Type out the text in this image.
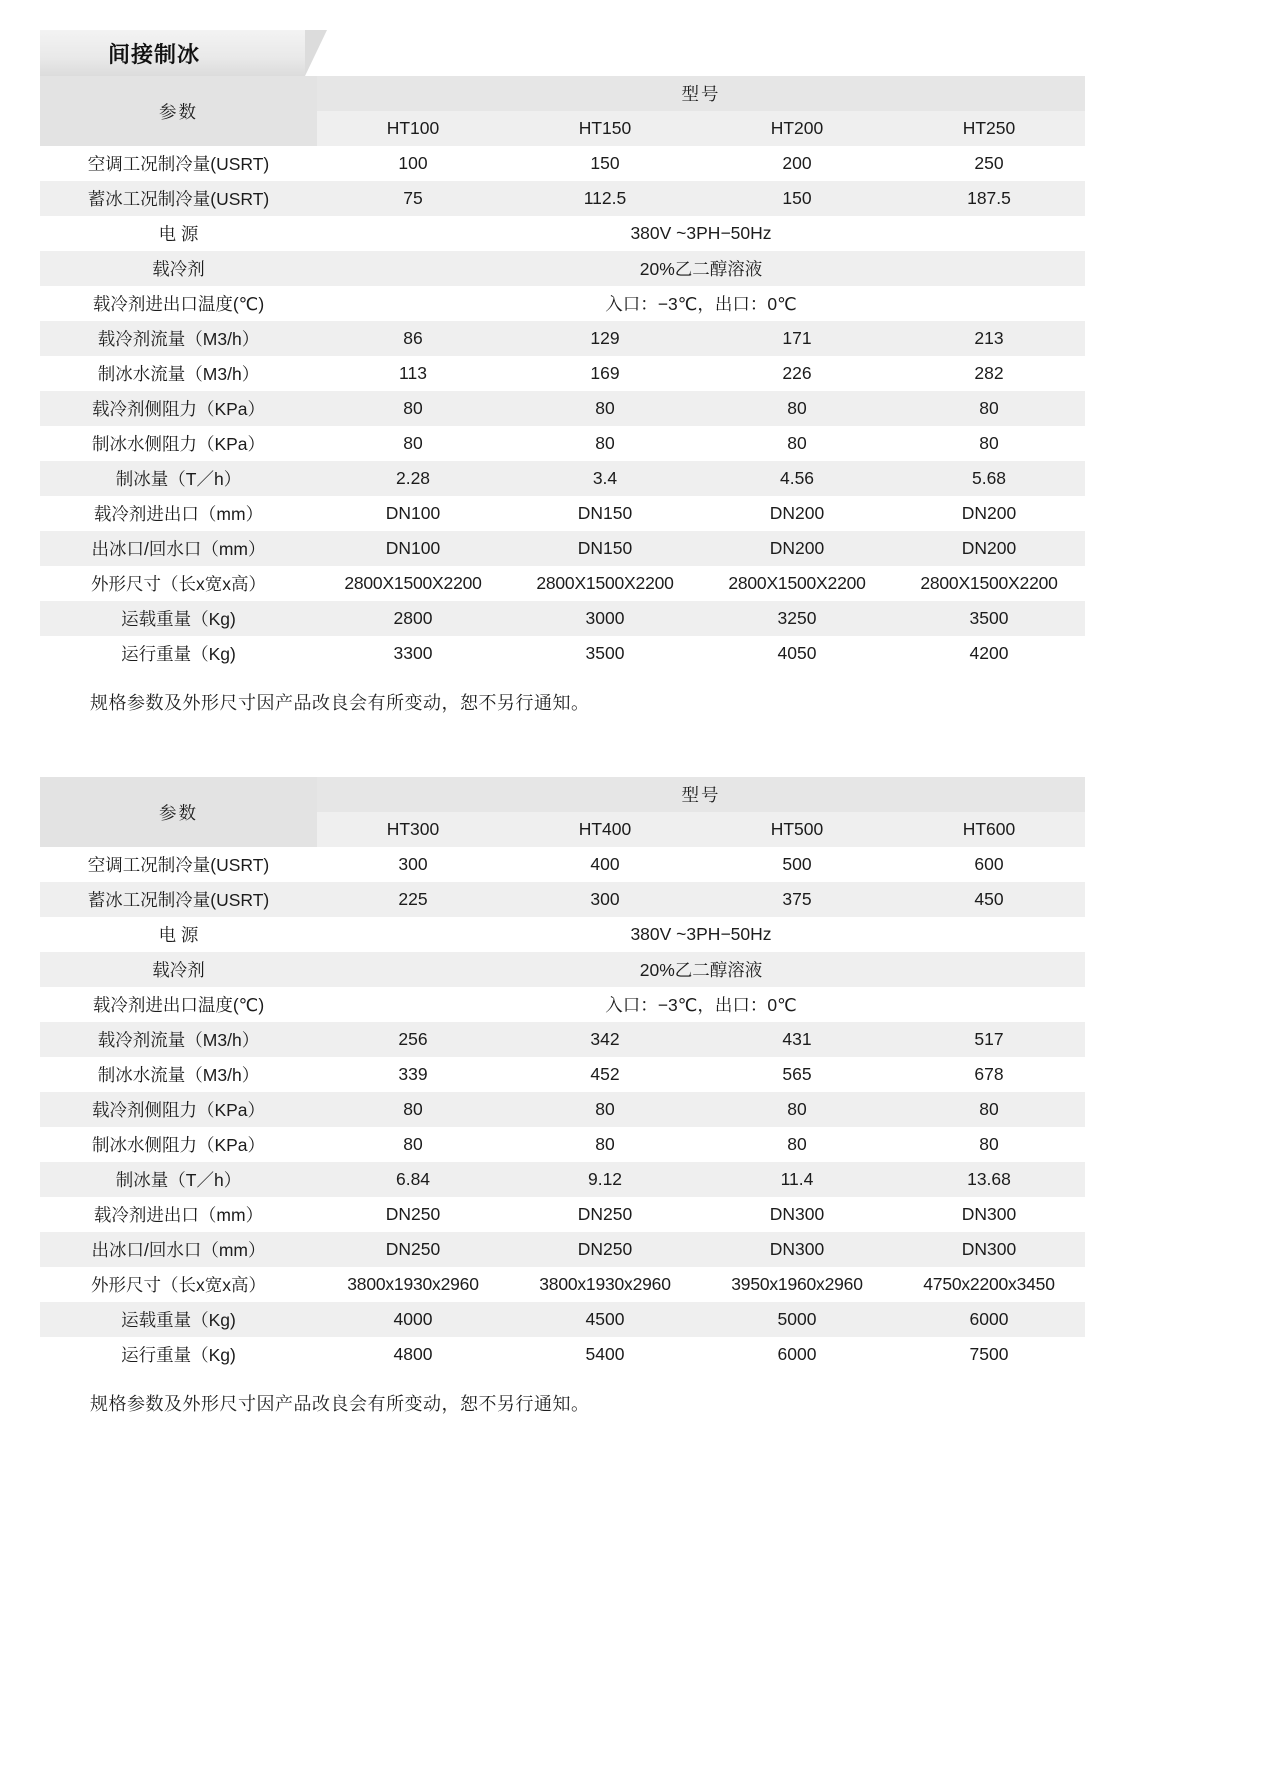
间接制冰
参数	型号			
	HT100	HT150	HT200	HT250
空调工况制冷量(USRT)	100	150	200	250
蓄冰工况制冷量(USRT)	75	112.5	150	187.5
电 源	380V ~3PH−50Hz			
载冷剂	20%乙二醇溶液			
载冷剂进出口温度(℃)	入口：−3℃，出口：0℃			
载冷剂流量（M3/h）	86	129	171	213
制冰水流量（M3/h）	113	169	226	282
载冷剂侧阻力（KPa）	80	80	80	80
制冰水侧阻力（KPa）	80	80	80	80
制冰量（T／h）	2.28	3.4	4.56	5.68
载冷剂进出口（mm）	DN100	DN150	DN200	DN200
出冰口/回水口（mm）	DN100	DN150	DN200	DN200
外形尺寸（长x宽x高）	2800X1500X2200	2800X1500X2200	2800X1500X2200	2800X1500X2200
运载重量（Kg)	2800	3000	3250	3500
运行重量（Kg)	3300	3500	4050	4200
规格参数及外形尺寸因产品改良会有所变动，恕不另行通知。
参数	型号			
	HT300	HT400	HT500	HT600
空调工况制冷量(USRT)	300	400	500	600
蓄冰工况制冷量(USRT)	225	300	375	450
电 源	380V ~3PH−50Hz			
载冷剂	20%乙二醇溶液			
载冷剂进出口温度(℃)	入口：−3℃，出口：0℃			
载冷剂流量（M3/h）	256	342	431	517
制冰水流量（M3/h）	339	452	565	678
载冷剂侧阻力（KPa）	80	80	80	80
制冰水侧阻力（KPa）	80	80	80	80
制冰量（T／h）	6.84	9.12	11.4	13.68
载冷剂进出口（mm）	DN250	DN250	DN300	DN300
出冰口/回水口（mm）	DN250	DN250	DN300	DN300
外形尺寸（长x宽x高）	3800x1930x2960	3800x1930x2960	3950x1960x2960	4750x2200x3450
运载重量（Kg)	4000	4500	5000	6000
运行重量（Kg)	4800	5400	6000	7500
规格参数及外形尺寸因产品改良会有所变动，恕不另行通知。
